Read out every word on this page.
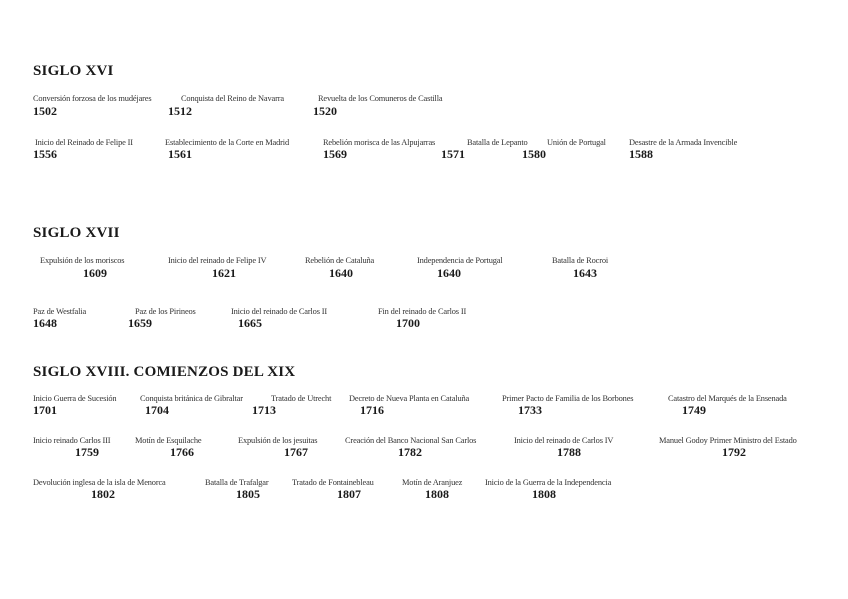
SIGLO XVI
Conversión forzosa de los mudéjares
1502
Conquista del Reino de Navarra
1512
Revuelta de los Comuneros de Castilla
1520
Inicio del Reinado de Felipe II
1556
Establecimiento de la Corte en Madrid
1561
Rebelión morisca de las Alpujarras
1569
Batalla de Lepanto
1571
Unión de Portugal
1580
Desastre de la Armada Invencible
1588
SIGLO XVII
Expulsión de los moriscos
1609
Inicio del reinado de Felipe IV
1621
Rebelión de Cataluña
1640
Independencia de Portugal
1640
Batalla de Rocroi
1643
Paz de Westfalia
1648
Paz de los Pirineos
1659
Inicio del reinado de Carlos II
1665
Fin del reinado de Carlos II
1700
SIGLO XVIII. COMIENZOS DEL XIX
Inicio Guerra de Sucesión
1701
Conquista británica de Gibraltar
1704
Tratado de Utrecht
1713
Decreto de Nueva Planta en Cataluña
1716
Primer Pacto de Familia de los Borbones
1733
Catastro del Marqués de la Ensenada
1749
Inicio reinado Carlos III
1759
Motín de Esquilache
1766
Expulsión de los jesuitas
1767
Creación del Banco Nacional San Carlos
1782
Inicio del reinado de Carlos IV
1788
Manuel Godoy Primer Ministro del Estado
1792
Devolución inglesa de la isla de Menorca
1802
Batalla de Trafalgar
1805
Tratado de Fontainebleau
1807
Motín de Aranjuez
1808
Inicio de la Guerra de la Independencia
1808
